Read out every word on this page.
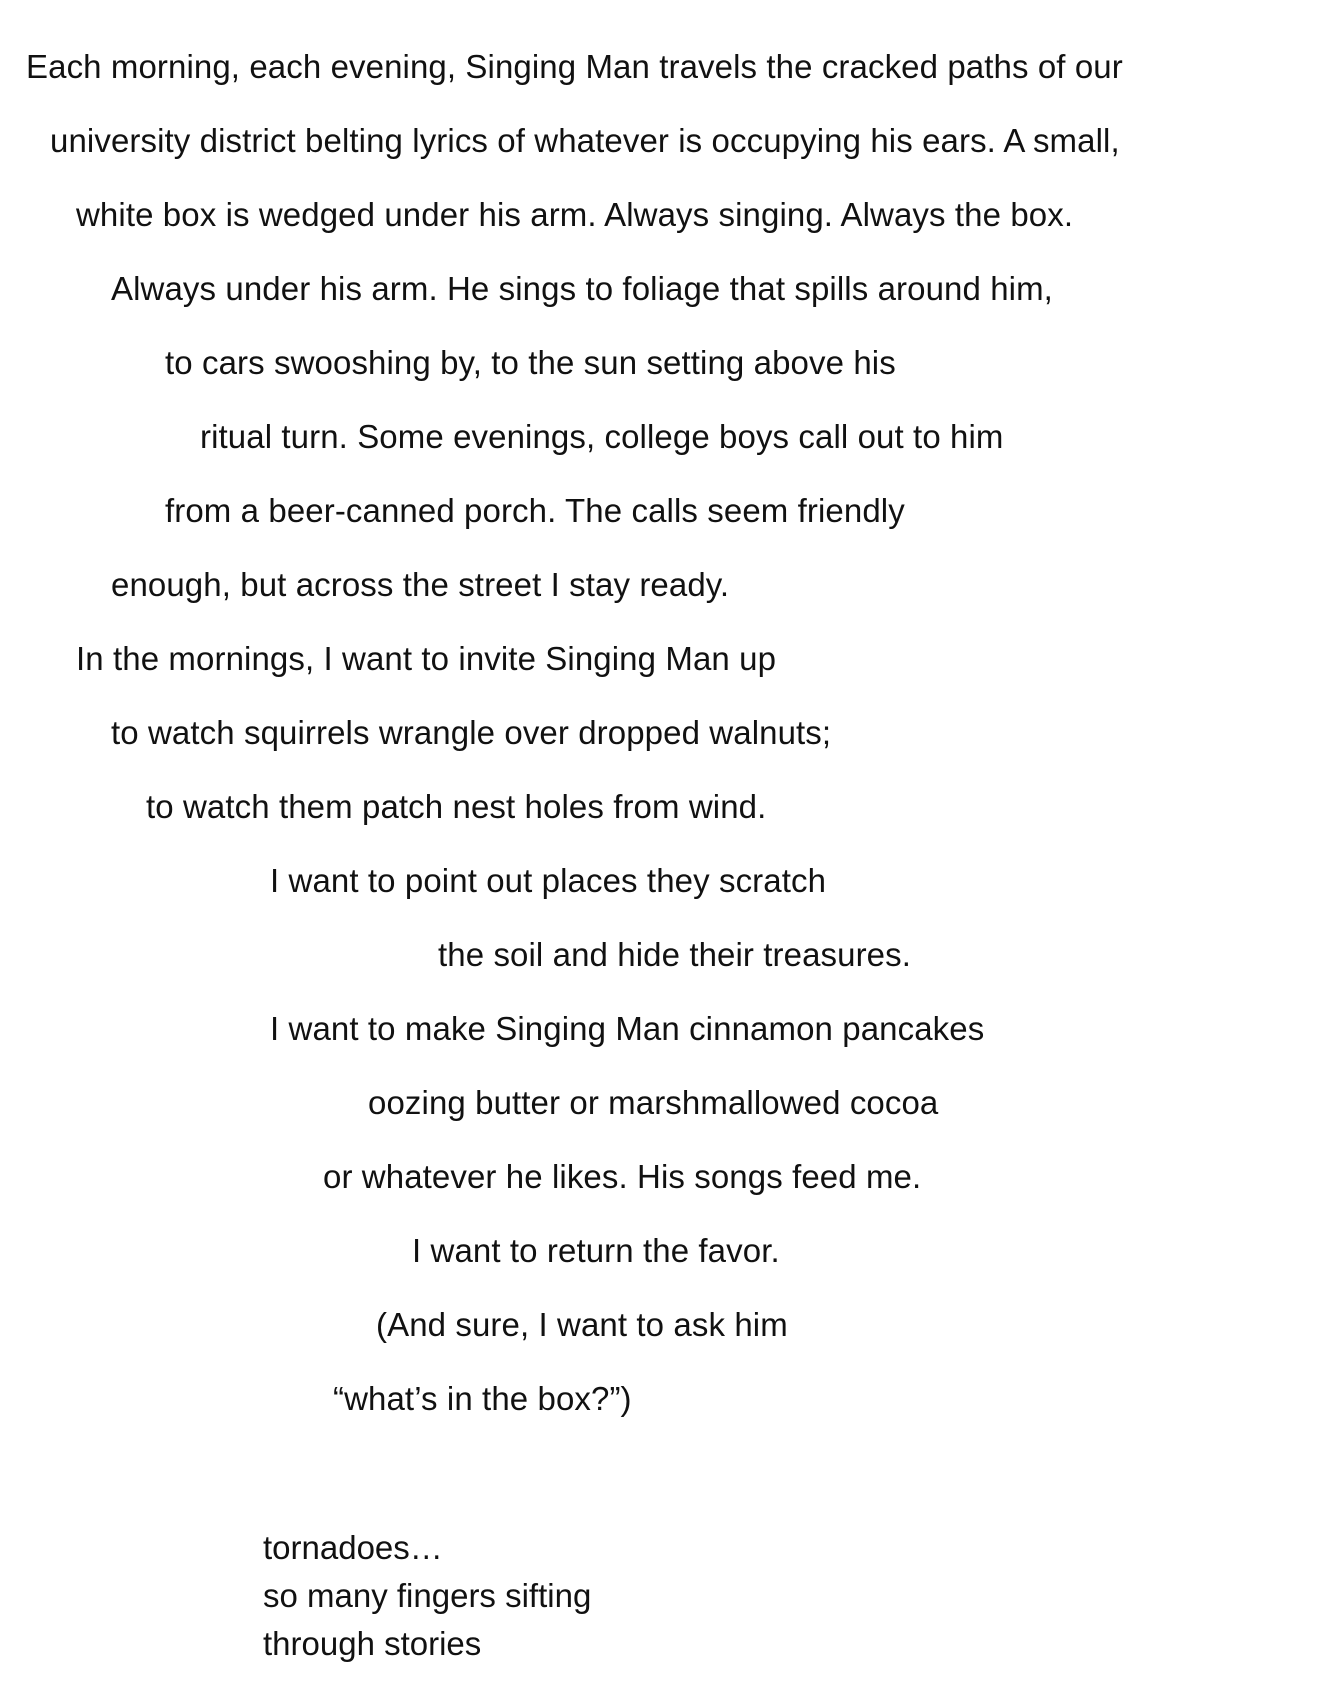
Each morning, each evening, Singing Man travels the cracked paths of our
university district belting lyrics of whatever is occupying his ears. A small,
white box is wedged under his arm. Always singing. Always the box.
Always under his arm. He sings to foliage that spills around him,
to cars swooshing by, to the sun setting above his
ritual turn. Some evenings, college boys call out to him
from a beer-canned porch. The calls seem friendly
enough, but across the street I stay ready.
In the mornings, I want to invite Singing Man up
to watch squirrels wrangle over dropped walnuts;
to watch them patch nest holes from wind.
I want to point out places they scratch
the soil and hide their treasures.
I want to make Singing Man cinnamon pancakes
oozing butter or marshmallowed cocoa
or whatever he likes. His songs feed me.
I want to return the favor.
(And sure, I want to ask him
“what’s in the box?”)
tornadoes…
so many fingers sifting
through stories
